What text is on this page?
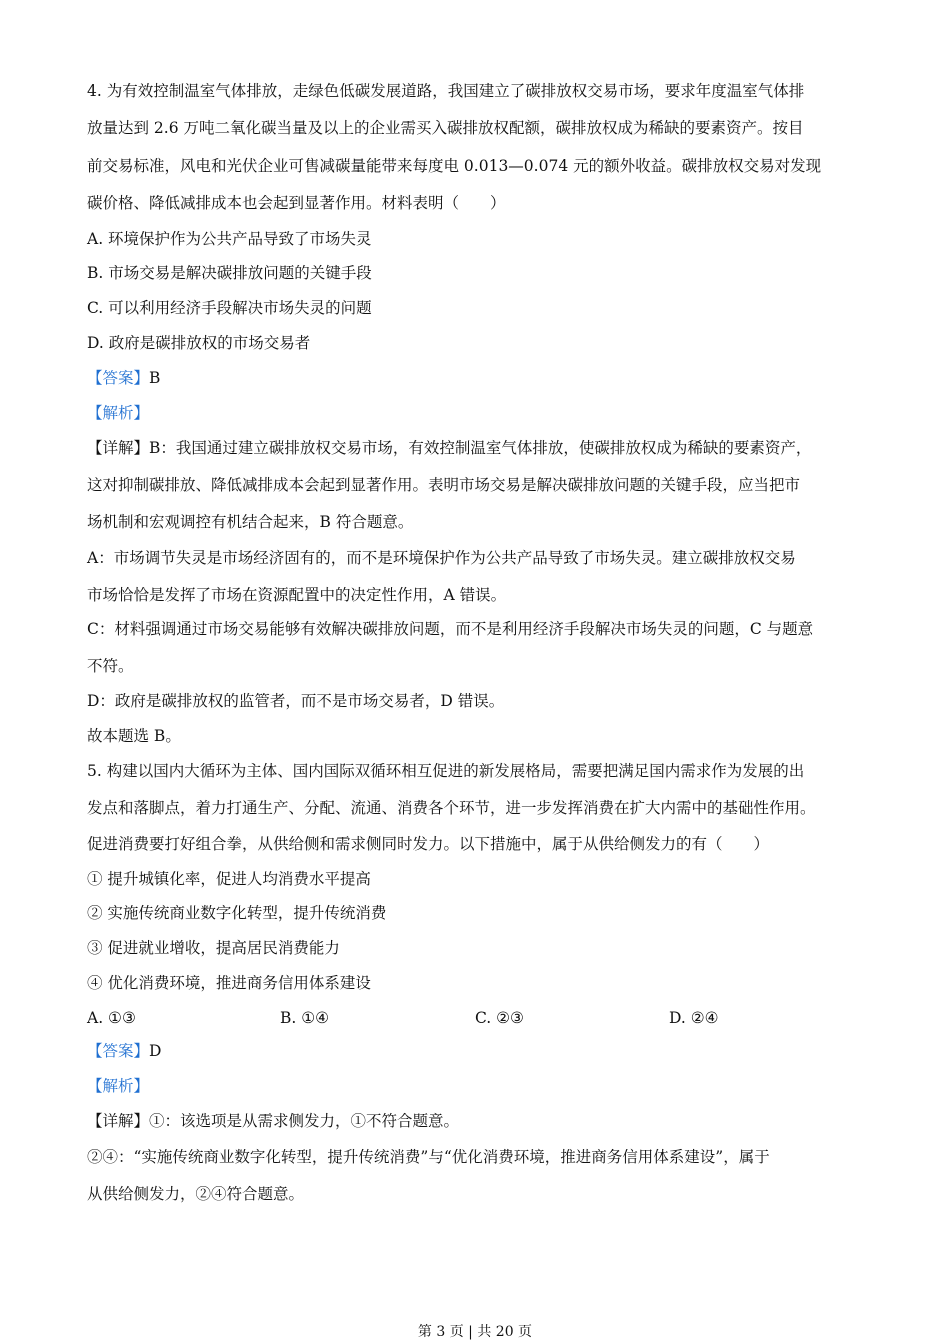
4. 为有效控制温室气体排放，走绿色低碳发展道路，我国建立了碳排放权交易市场，要求年度温室气体排
放量达到 2.6 万吨二氧化碳当量及以上的企业需买入碳排放权配额，碳排放权成为稀缺的要素资产。按目
前交易标准，风电和光伏企业可售减碳量能带来每度电 0.013—0.074 元的额外收益。碳排放权交易对发现
碳价格、降低减排成本也会起到显著作用。材料表明（　　）
A. 环境保护作为公共产品导致了市场失灵
B. 市场交易是解决碳排放问题的关键手段
C. 可以利用经济手段解决市场失灵的问题
D. 政府是碳排放权的市场交易者
【答案】B
【解析】
【详解】B：我国通过建立碳排放权交易市场，有效控制温室气体排放，使碳排放权成为稀缺的要素资产，
这对抑制碳排放、降低减排成本会起到显著作用。表明市场交易是解决碳排放问题的关键手段，应当把市
场机制和宏观调控有机结合起来，B 符合题意。
A：市场调节失灵是市场经济固有的，而不是环境保护作为公共产品导致了市场失灵。建立碳排放权交易
市场恰恰是发挥了市场在资源配置中的决定性作用，A 错误。
C：材料强调通过市场交易能够有效解决碳排放问题，而不是利用经济手段解决市场失灵的问题，C 与题意
不符。
D：政府是碳排放权的监管者，而不是市场交易者，D 错误。
故本题选 B。
5. 构建以国内大循环为主体、国内国际双循环相互促进的新发展格局，需要把满足国内需求作为发展的出
发点和落脚点，着力打通生产、分配、流通、消费各个环节，进一步发挥消费在扩大内需中的基础性作用。
促进消费要打好组合拳，从供给侧和需求侧同时发力。以下措施中，属于从供给侧发力的有（　　）
① 提升城镇化率，促进人均消费水平提高
② 实施传统商业数字化转型，提升传统消费
③ 促进就业增收，提高居民消费能力
④ 优化消费环境，推进商务信用体系建设
A. ①③	B. ①④	C. ②③	D. ②④
【答案】D
【解析】
【详解】①：该选项是从需求侧发力，①不符合题意。
②④：“实施传统商业数字化转型，提升传统消费”与“优化消费环境，推进商务信用体系建设”，属于
从供给侧发力，②④符合题意。
第 3 页 | 共 20 页
